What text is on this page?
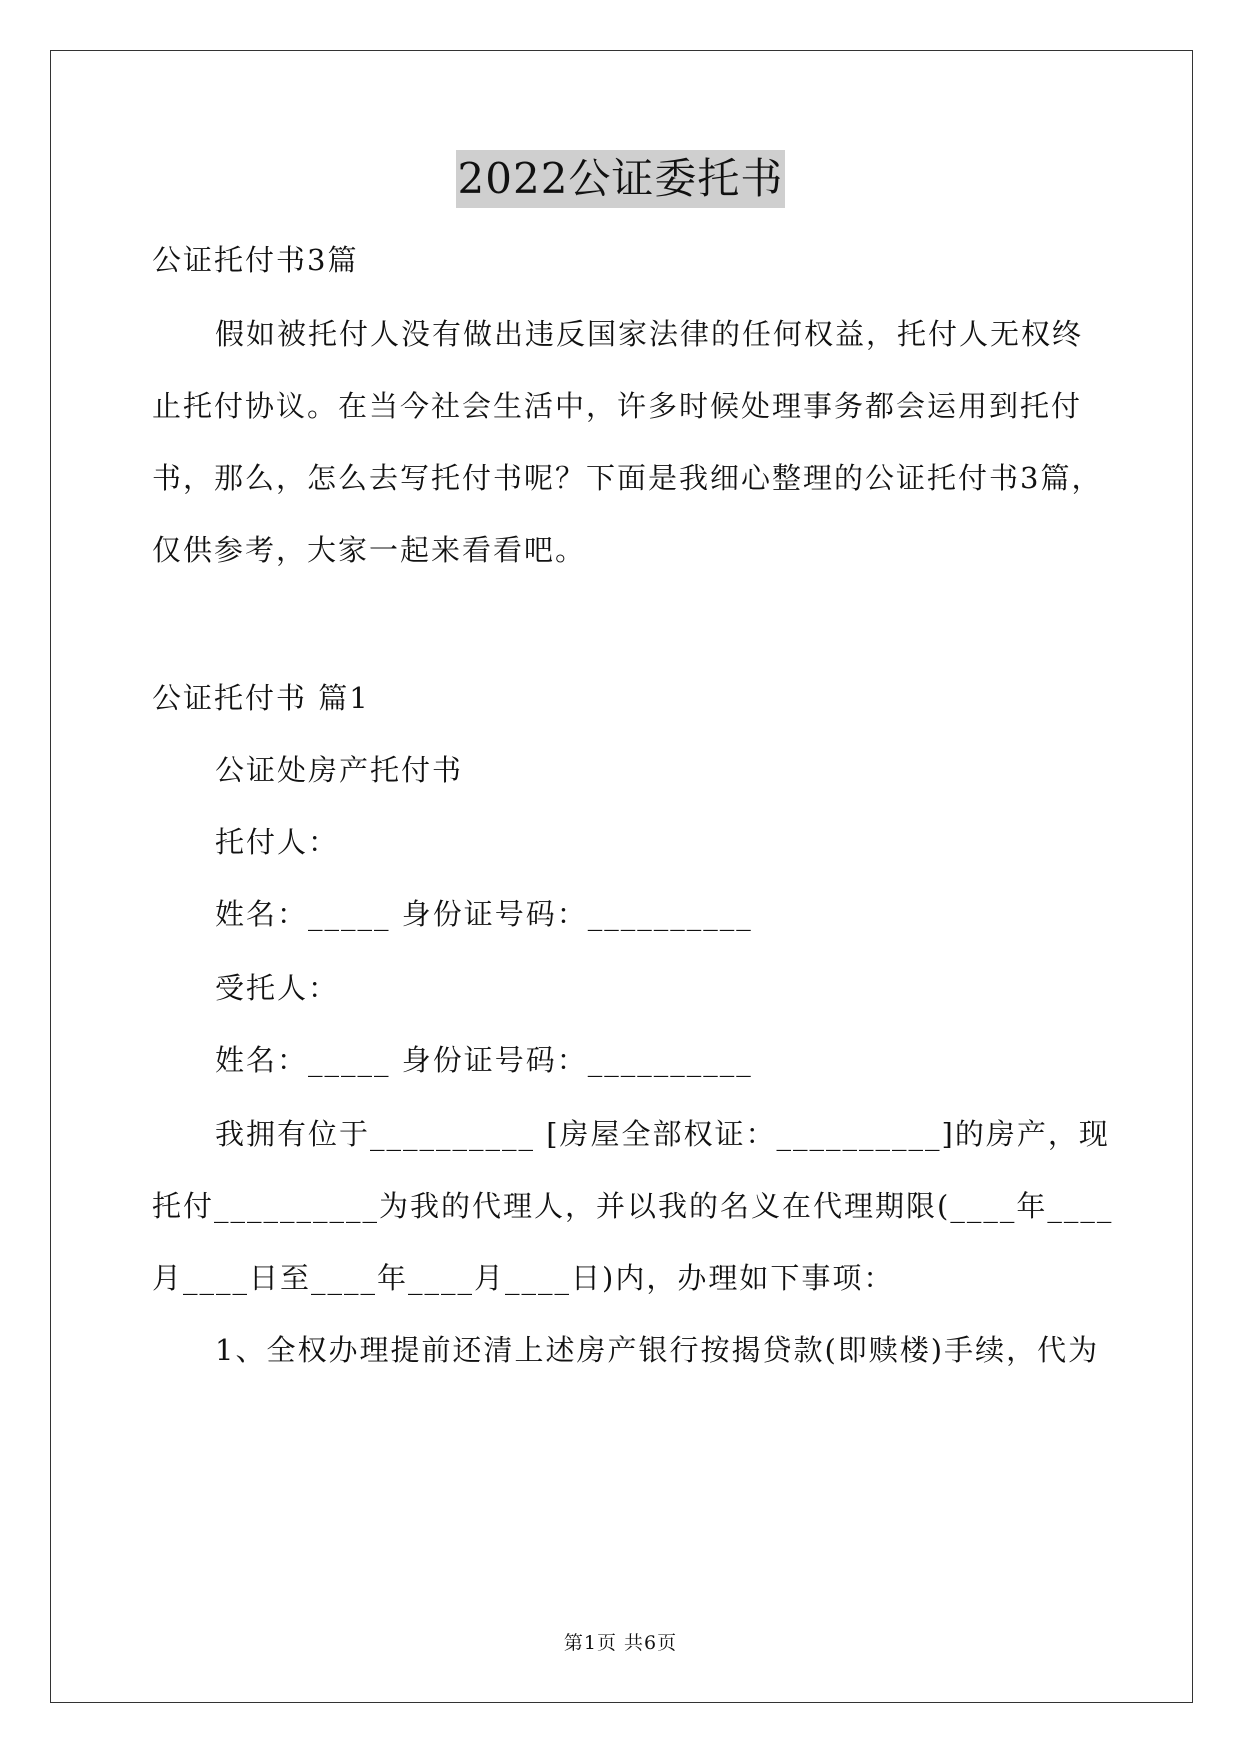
2022公证委托书
公证托付书3篇
假如被托付人没有做出违反国家法律的任何权益，托付人无权终
止托付协议。在当今社会生活中，许多时候处理事务都会运用到托付
书，那么，怎么去写托付书呢？下面是我细心整理的公证托付书3篇，
仅供参考，大家一起来看看吧。
公证托付书 篇1
公证处房产托付书
托付人：
姓名：_____ 身份证号码：__________
受托人：
姓名：_____ 身份证号码：__________
我拥有位于__________ [房屋全部权证：__________]的房产，现
托付__________为我的代理人，并以我的名义在代理期限(____年____
月____日至____年____月____日)内，办理如下事项：
1、全权办理提前还清上述房产银行按揭贷款(即赎楼)手续，代为
第1页 共6页
